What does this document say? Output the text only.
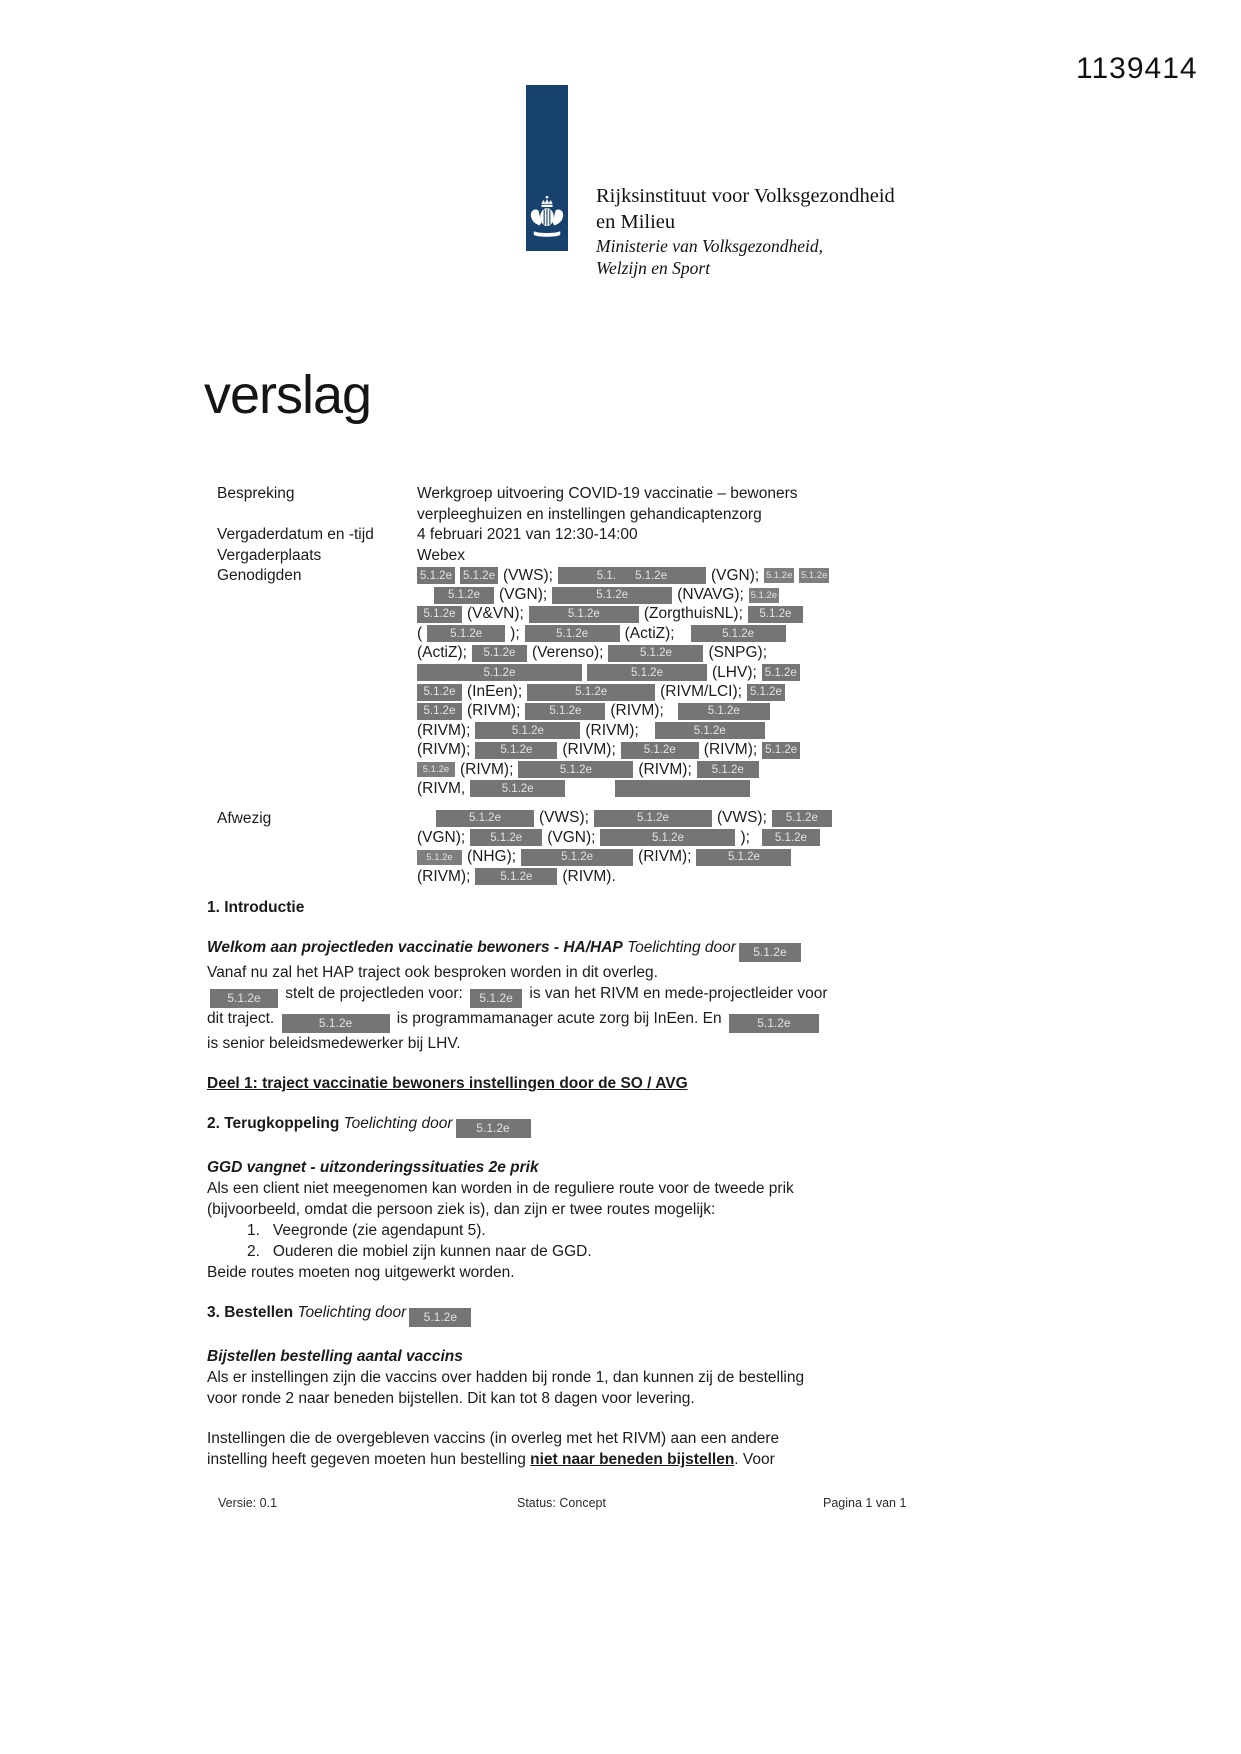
1139414
Rijksinstituut voor Volksgezondheid
en Milieu
Ministerie van Volksgezondheid,
Welzijn en Sport
verslag
Bespreking	Werkgroep uitvoering COVID-19 vaccinatie – bewoners
verpleeghuizen en instellingen gehandicaptenzorg
Vergaderdatum en -tijd	4 februari 2021 van 12:30-14:00
Vergaderplaats	Webex
Genodigden	5.1.2e 5.1.2e (VWS);	5.1.      5.1.2e	(VGN); 5.1.2e 5.1.2e
5.1.2e	(VGN);	5.1.2e	(NVAVG); 5.1.2e
5.1.2e (V&VN);	5.1.2e	(ZorgthuisNL);	5.1.2e
(	5.1.2e	);	5.1.2e	(ActiZ);	5.1.2e
(ActiZ);	5.1.2e	(Verenso);	5.1.2e	(SNPG);
5.1.2e	5.1.2e	(LHV); 5.1.2e
5.1.2e (InEen);	5.1.2e	(RIVM/LCI); 5.1.2e
5.1.2e (RIVM);	5.1.2e	(RIVM);	5.1.2e
(RIVM);	5.1.2e	(RIVM);	5.1.2e
(RIVM);	5.1.2e	(RIVM);	5.1.2e	(RIVM); 5.1.2e
5.1.2e (RIVM);	5.1.2e	(RIVM);	5.1.2e
(RIVM,	5.1.2e
Afwezig	5.1.2e	(VWS);	5.1.2e	(VWS);	5.1.2e
(VGN);	5.1.2e	(VGN);	5.1.2e	);	5.1.2e
5.1.2e (NHG);	5.1.2e	(RIVM);	5.1.2e
(RIVM);	5.1.2e	(RIVM).
1. Introductie
Welkom aan projectleden vaccinatie bewoners - HA/HAP Toelichting door 5.1.2e
Vanaf nu zal het HAP traject ook besproken worden in dit overleg.
5.1.2e stelt de projectleden voor: 5.1.2e is van het RIVM en mede-projectleider voor
dit traject.	5.1.2e	is programmamanager acute zorg bij InEen. En	5.1.2e
is senior beleidsmedewerker bij LHV.
Deel 1: traject vaccinatie bewoners instellingen door de SO / AVG
2. Terugkoppeling Toelichting door 5.1.2e
GGD vangnet - uitzonderingssituaties 2e prik
Als een client niet meegenomen kan worden in de reguliere route voor de tweede prik
(bijvoorbeeld, omdat die persoon ziek is), dan zijn er twee routes mogelijk:
1.   Veegronde (zie agendapunt 5).
2.   Ouderen die mobiel zijn kunnen naar de GGD.
Beide routes moeten nog uitgewerkt worden.
3. Bestellen Toelichting door 5.1.2e
Bijstellen bestelling aantal vaccins
Als er instellingen zijn die vaccins over hadden bij ronde 1, dan kunnen zij de bestelling
voor ronde 2 naar beneden bijstellen. Dit kan tot 8 dagen voor levering.
Instellingen die de overgebleven vaccins (in overleg met het RIVM) aan een andere
instelling heeft gegeven moeten hun bestelling niet naar beneden bijstellen. Voor
Versie: 0.1	Status: Concept	Pagina 1 van 1
